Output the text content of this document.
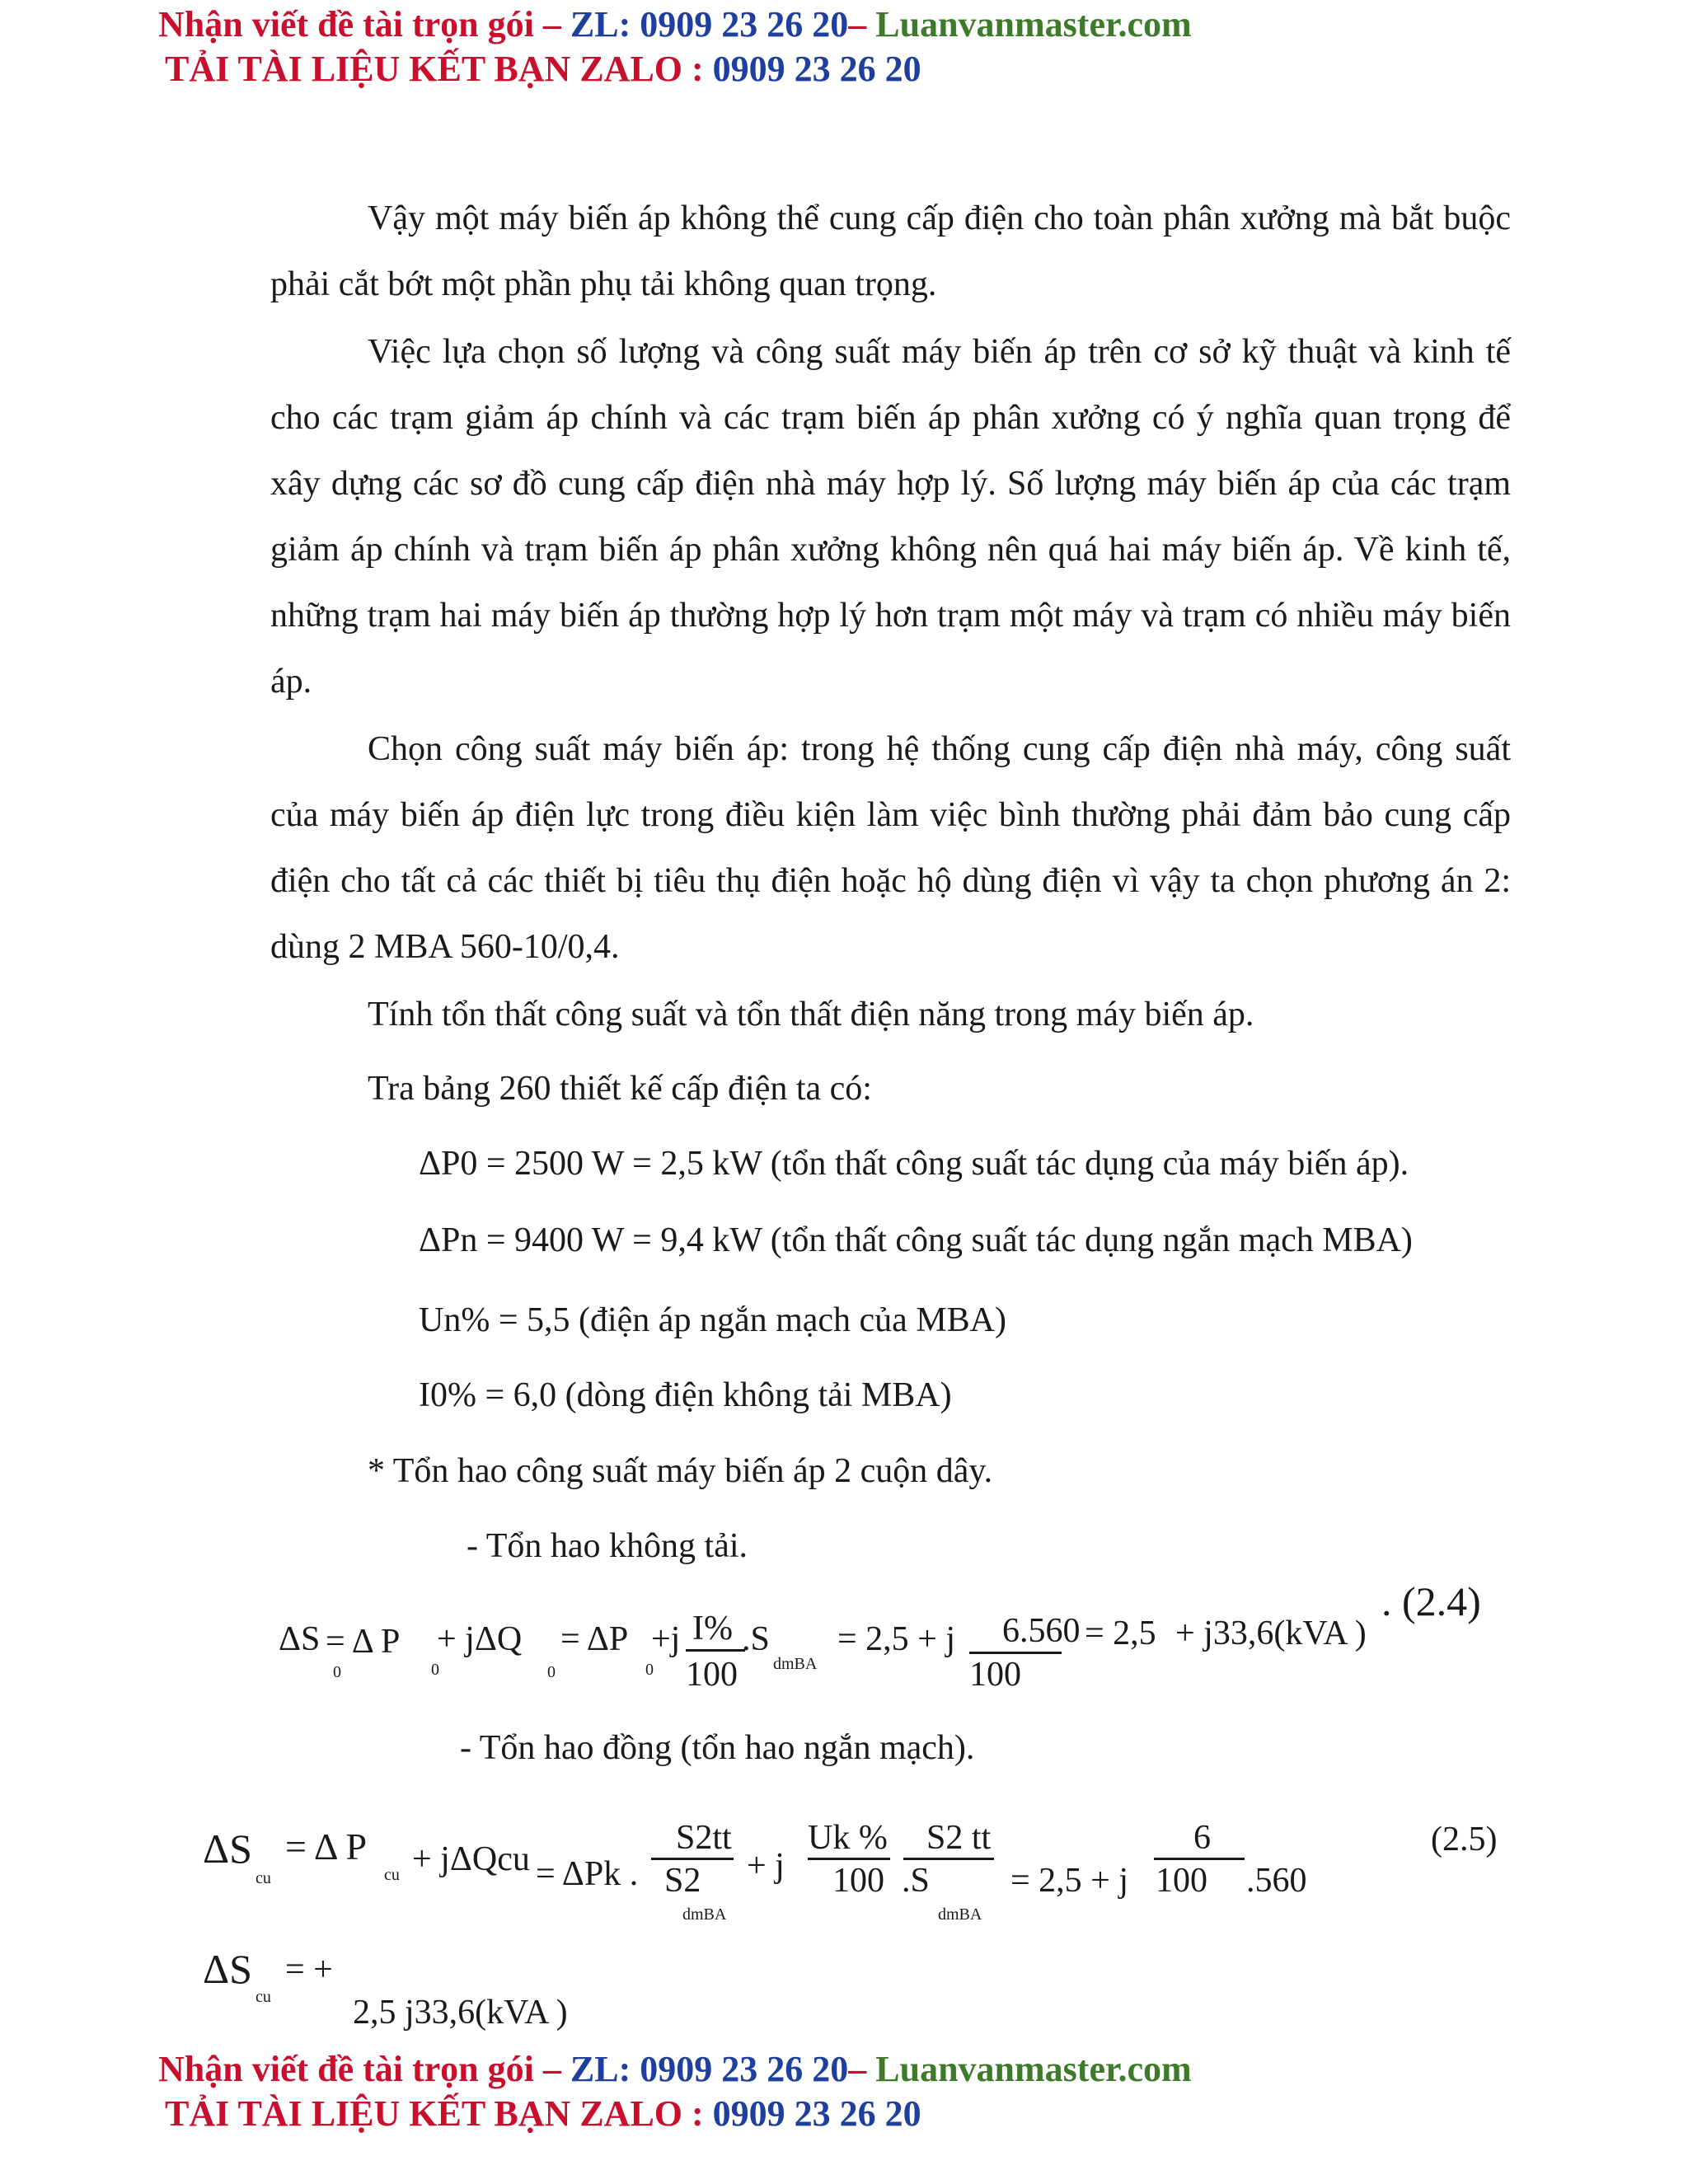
Nhận viết đề tài trọn gói – ZL: 0909 23 26 20– Luanvanmaster.com
TẢI TÀI LIỆU KẾT BẠN ZALO : 0909 23 26 20

Vậy một máy biến áp không thể cung cấp điện cho toàn phân xưởng mà bắt buộc phải cắt bớt một phần phụ tải không quan trọng.

Việc lựa chọn số lượng và công suất máy biến áp trên cơ sở kỹ thuật và kinh tế cho các trạm giảm áp chính và các trạm biến áp phân xưởng có ý nghĩa quan trọng để xây dựng các sơ đồ cung cấp điện nhà máy hợp lý. Số lượng máy biến áp của các trạm giảm áp chính và trạm biến áp phân xưởng không nên quá hai máy biến áp. Về kinh tế, những trạm hai máy biến áp thường hợp lý hơn trạm một máy và trạm có nhiều máy biến áp.

Chọn công suất máy biến áp: trong hệ thống cung cấp điện nhà máy, công suất của máy biến áp điện lực trong điều kiện làm việc bình thường phải đảm bảo cung cấp điện cho tất cả các thiết bị tiêu thụ điện hoặc hộ dùng điện vì vậy ta chọn phương án 2: dùng 2 MBA 560-10/0,4.

Tính tổn thất công suất và tổn thất điện năng trong máy biến áp.
Tra bảng 260 thiết kế cấp điện ta có:
ΔP0 = 2500 W = 2,5 kW (tổn thất công suất tác dụng của máy biến áp).
ΔPn = 9400 W = 9,4 kW (tổn thất công suất tác dụng ngắn mạch MBA)
Un% = 5,5 (điện áp ngắn mạch của MBA)
I0% = 6,0 (dòng điện không tải MBA)
* Tổn hao công suất máy biến áp 2 cuộn dây.
- Tổn hao không tải.
. (2.4)
ΔS
0
= Δ P
0
+ jΔQ
0
= ΔP
0
+j I%
100
.S
dmBA
= 2,5 + j 6.560
100
= 2,5 + j33,6(kVA )
- Tổn hao đồng (tổn hao ngắn mạch).
(2.5)
ΔS
cu
= Δ P
cu + jΔQcu = ΔPk .
S2tt
S2
dmBA
+ j
Uk %
100
S2 tt
.S
dmBA
= 2,5 + j
6
100 .560
ΔS
cu
= +
2,5 j33,6(kVA )
Nhận viết đề tài trọn gói – ZL: 0909 23 26 20– Luanvanmaster.com
TẢI TÀI LIỆU KẾT BẠN ZALO : 0909 23 26 20
